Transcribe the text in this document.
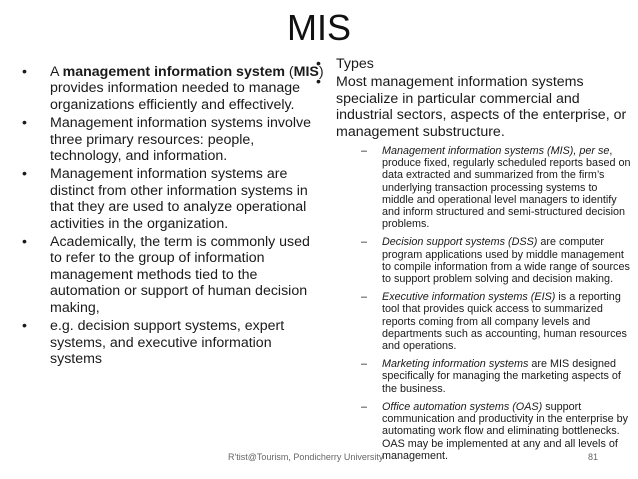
MIS
• A management information system (MIS) provides information needed to manage organizations efficiently and effectively.
• Management information systems involve three primary resources: people, technology, and information.
• Management information systems are distinct from other information systems in that they are used to analyze operational activities in the organization.
• Academically, the term is commonly used to refer to the group of information management methods tied to the automation or support of human decision making,
• e.g. decision support systems, expert systems, and executive information systems
• Types
• Most management information systems specialize in particular commercial and industrial sectors, aspects of the enterprise, or management substructure.
– Management information systems (MIS), per se, produce fixed, regularly scheduled reports based on data extracted and summarized from the firm’s underlying transaction processing systems to middle and operational level managers to identify and inform structured and semi-structured decision problems.
– Decision support systems (DSS) are computer program applications used by middle management to compile information from a wide range of sources to support problem solving and decision making.
– Executive information systems (EIS) is a reporting tool that provides quick access to summarized reports coming from all company levels and departments such as accounting, human resources and operations.
– Marketing information systems are MIS designed specifically for managing the marketing aspects of the business.
– Office automation systems (OAS) support communication and productivity in the enterprise by automating work flow and eliminating bottlenecks. OAS may be implemented at any and all levels of management.
R'tist@Tourism, Pondicherry University	81
